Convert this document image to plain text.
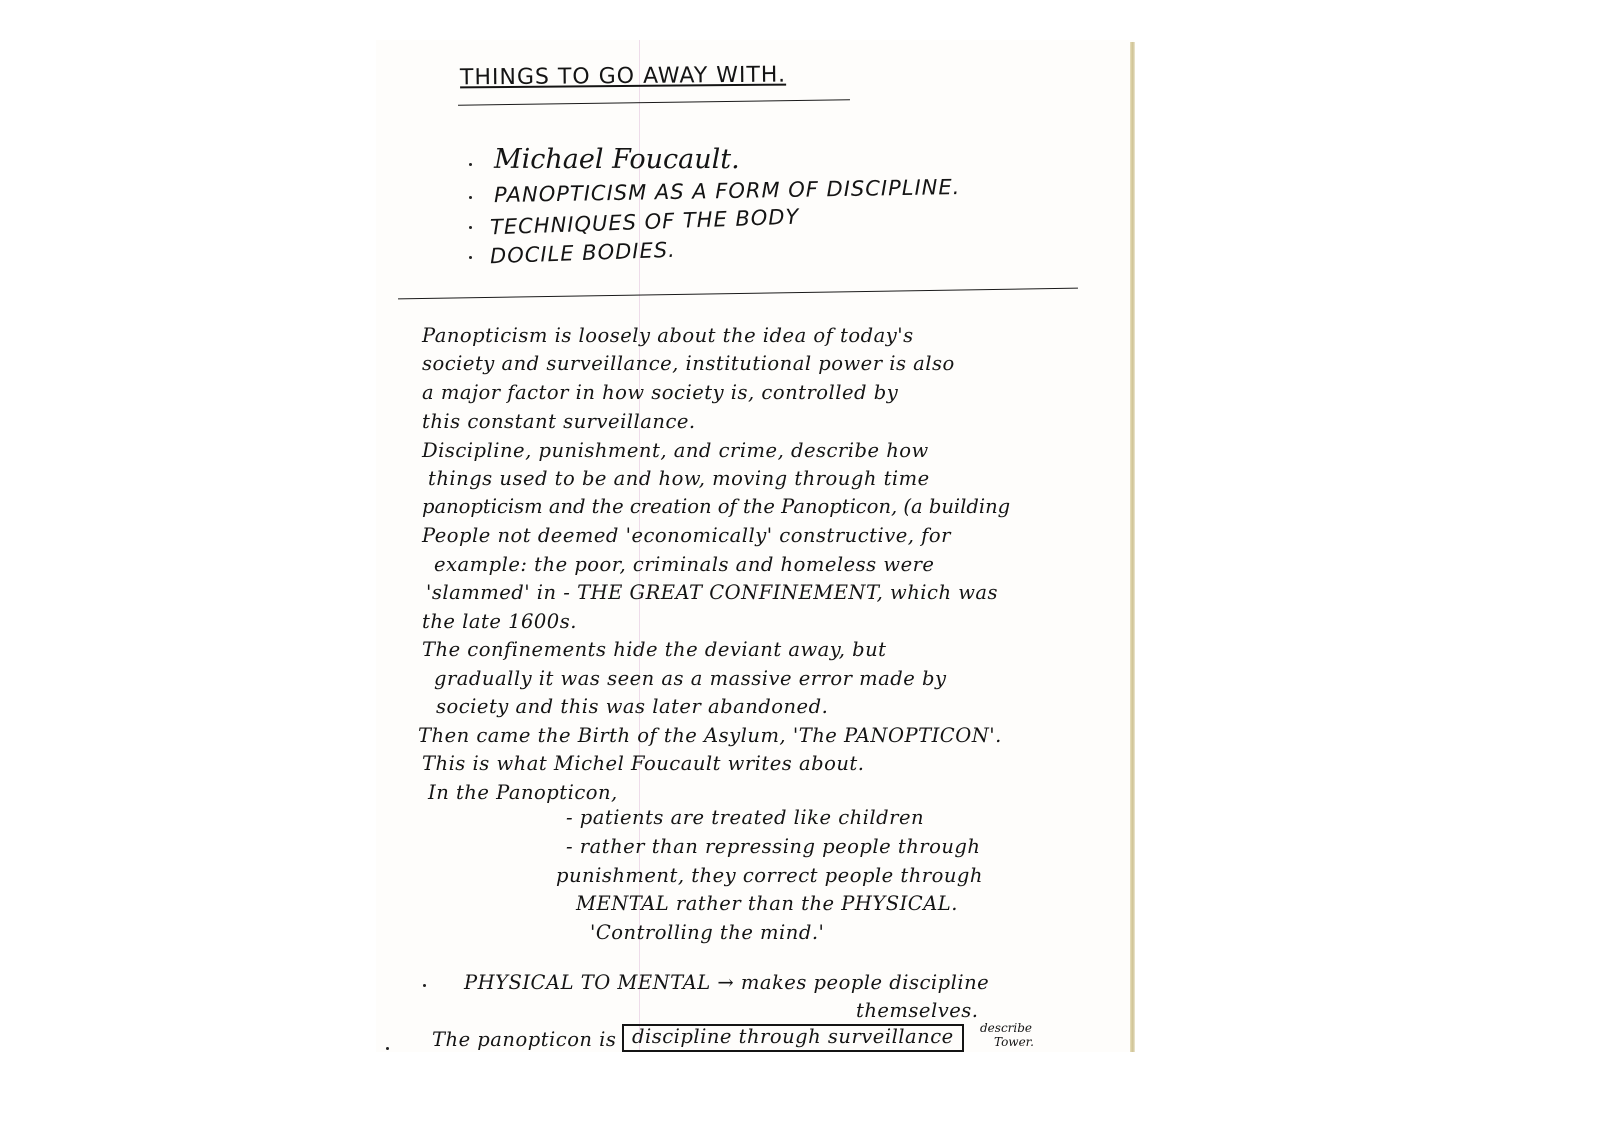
THINGS TO GO AWAY WITH.

Michael Foucault.

PANOPTICISM AS A FORM OF DISCIPLINE.

TECHNIQUES OF THE BODY

DOCILE BODIES.

Panopticism is loosely about the idea of today's

society and surveillance, institutional power is also

a major factor in how society is, controlled by

this constant surveillance.

Discipline, punishment, and crime, describe how

things used to be and how, moving through time

panopticism and the creation of the Panopticon, (a building

People not deemed 'economically' constructive, for

example: the poor, criminals and homeless were

'slammed' in - THE GREAT CONFINEMENT, which was

the late 1600s.

The confinements hide the deviant away, but

gradually it was seen as a massive error made by

society and this was later abandoned.

Then came the Birth of the Asylum, 'The PANOPTICON'.

This is what Michel Foucault writes about.

In the Panopticon,

- patients are treated like children

- rather than repressing people through

punishment, they correct people through

MENTAL rather than the PHYSICAL.

'Controlling the mind.'

PHYSICAL TO MENTAL → makes people discipline

themselves.

The panopticon is discipline through surveillance	describe

Tower.
